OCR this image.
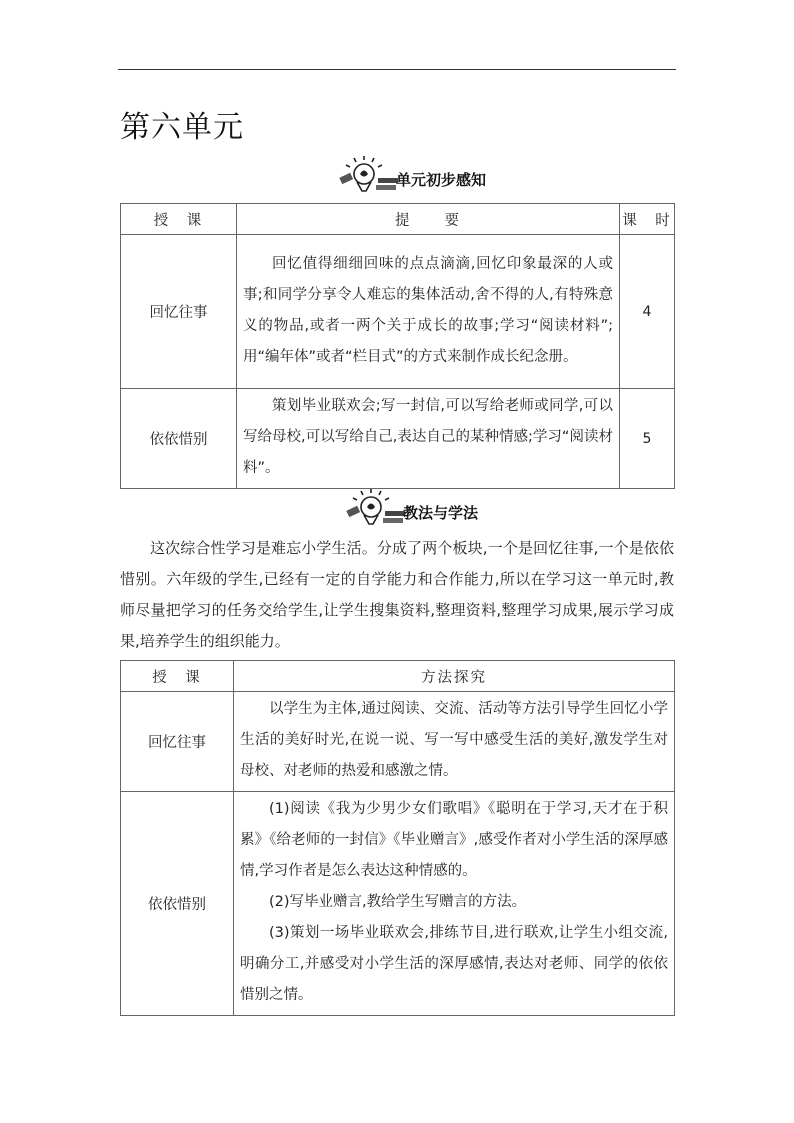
第六单元
单元初步感知
授　课	提　　要	课　时
回忆往事	回忆值得细细回味的点点滴滴,回忆印象最深的人或事;和同学分享令人难忘的集体活动,舍不得的人,有特殊意义的物品,或者一两个关于成长的故事;学习“阅读材料”;用“编年体”或者“栏目式”的方式来制作成长纪念册。	4
依依惜别	策划毕业联欢会;写一封信,可以写给老师或同学,可以写给母校,可以写给自己,表达自己的某种情感;学习“阅读材料”。	5
教法与学法

这次综合性学习是难忘小学生活。分成了两个板块,一个是回忆往事,一个是依依惜别。六年级的学生,已经有一定的自学能力和合作能力,所以在学习这一单元时,教师尽量把学习的任务交给学生,让学生搜集资料,整理资料,整理学习成果,展示学习成果,培养学生的组织能力。

授　课	方法探究
回忆往事	以学生为主体,通过阅读、交流、活动等方法引导学生回忆小学生活的美好时光,在说一说、写一写中感受生活的美好,激发学生对母校、对老师的热爱和感激之情。

依依惜别	(1)阅读《我为少男少女们歌唱》《聪明在于学习,天才在于积累》《给老师的一封信》《毕业赠言》,感受作者对小学生活的深厚感情,学习作者是怎么表达这种情感的。

(2)写毕业赠言,教给学生写赠言的方法。

(3)策划一场毕业联欢会,排练节目,进行联欢,让学生小组交流,明确分工,并感受对小学生活的深厚感情,表达对老师、同学的依依惜别之情。
